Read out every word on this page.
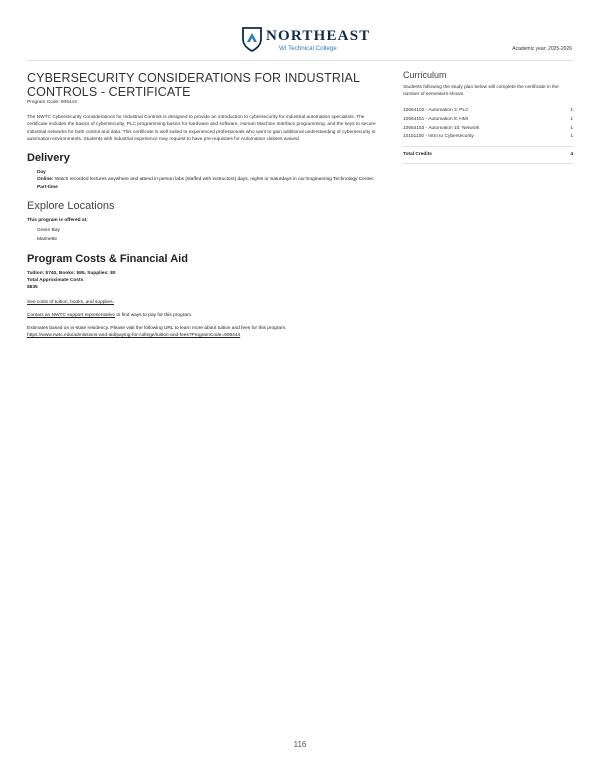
NORTHEAST
WI Technical College	Academic year: 2025-2026
CYBERSECURITY CONSIDERATIONS FOR INDUSTRIAL CONTROLS - CERTIFICATE
Program Code: 906444
The NWTC Cybersecurity Considerations for Industrial Controls is designed to provide an introduction to cybersecurity for industrial automation specialists. The certificate includes the basics of cybersecurity, PLC programming basics for hardware and software, Human Machine Interface programming, and the keys to secure industrial networks for both control and data. This certificate is well suited to experienced professionals who want to gain additional understanding of cybersecurity in automation environments. Students with industrial experience may request to have pre-requisites for Automation classes waived.
Delivery
Day
Online: Watch recorded lectures anywhere and attend in person labs (staffed with instructors) days, nights or Saturdays in our Engineering Technology Center.
Part-time
Explore Locations
This program is offered at:
Green Bay
Marinette
Program Costs & Financial Aid
Tuition: $740, Books: $95, Supplies: $0
Total Approximate Costs
$835
See costs of tuition, books, and supplies.
Contact an NWTC support representative to find ways to pay for this program.
Estimates based on in-state residency. Please visit the following URL to learn more about tuition and fees for this program.
https://www.nwtc.edu/admissions-and-aid/paying-for-college/tuition-and-fees?ProgramCode=906444
Curriculum
Students following the study plan below will complete the certificate in the number of semesters shown.
10664102 - Automation 3: PLC	1
10664151 - Automation 8: HMI	1
10664153 - Automation 10: Network	1
10151100 - Intro to Cybersecurity	1
Total Credits	4
116
